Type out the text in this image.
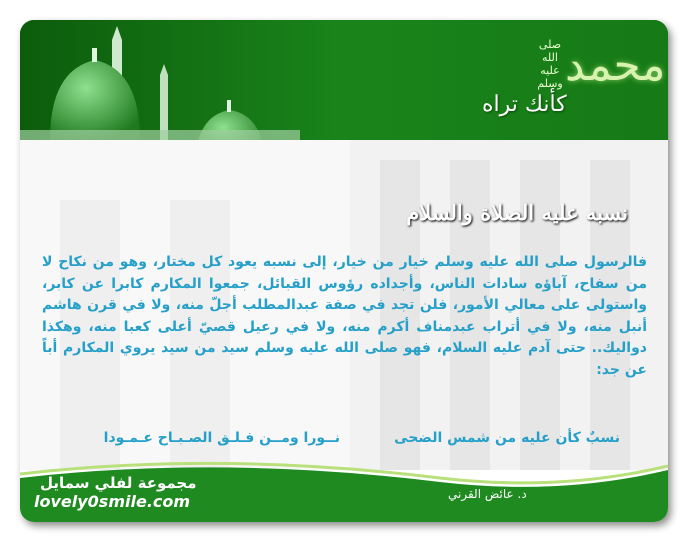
صلى الله عليه وسلم محمد
كأنك تراه
نسبه عليه الصلاة والسلام
فالرسول صلى الله عليه وسلم خيار من خيار، إلى نسبه يعود كل مختار، وهو من نكاح لا من سفاح، آباؤه سادات الناس، وأجداده رؤوس القبائل، جمعوا المكارم كابرا عن كابر، واستولى على معالي الأمور، فلن تجد في صفة عبدالمطلب أجلّ منه، ولا في قرن هاشم أنبل منه، ولا في أتراب عبدمناف أكرم منه، ولا في رعيل قصيّ أعلى كعبا منه، وهكذا دواليك.. حتى آدم عليه السلام، فهو صلى الله عليه وسلم سيد من سيد يروي المكارم أباً عن جد:
نسبٌ كأن عليه من شمس الضحى
نــورا ومــن فـلـق الصـبـاح عـمـودا
مجموعة لفلي سمايل
lovely0smile.com	د. عائض القرني
